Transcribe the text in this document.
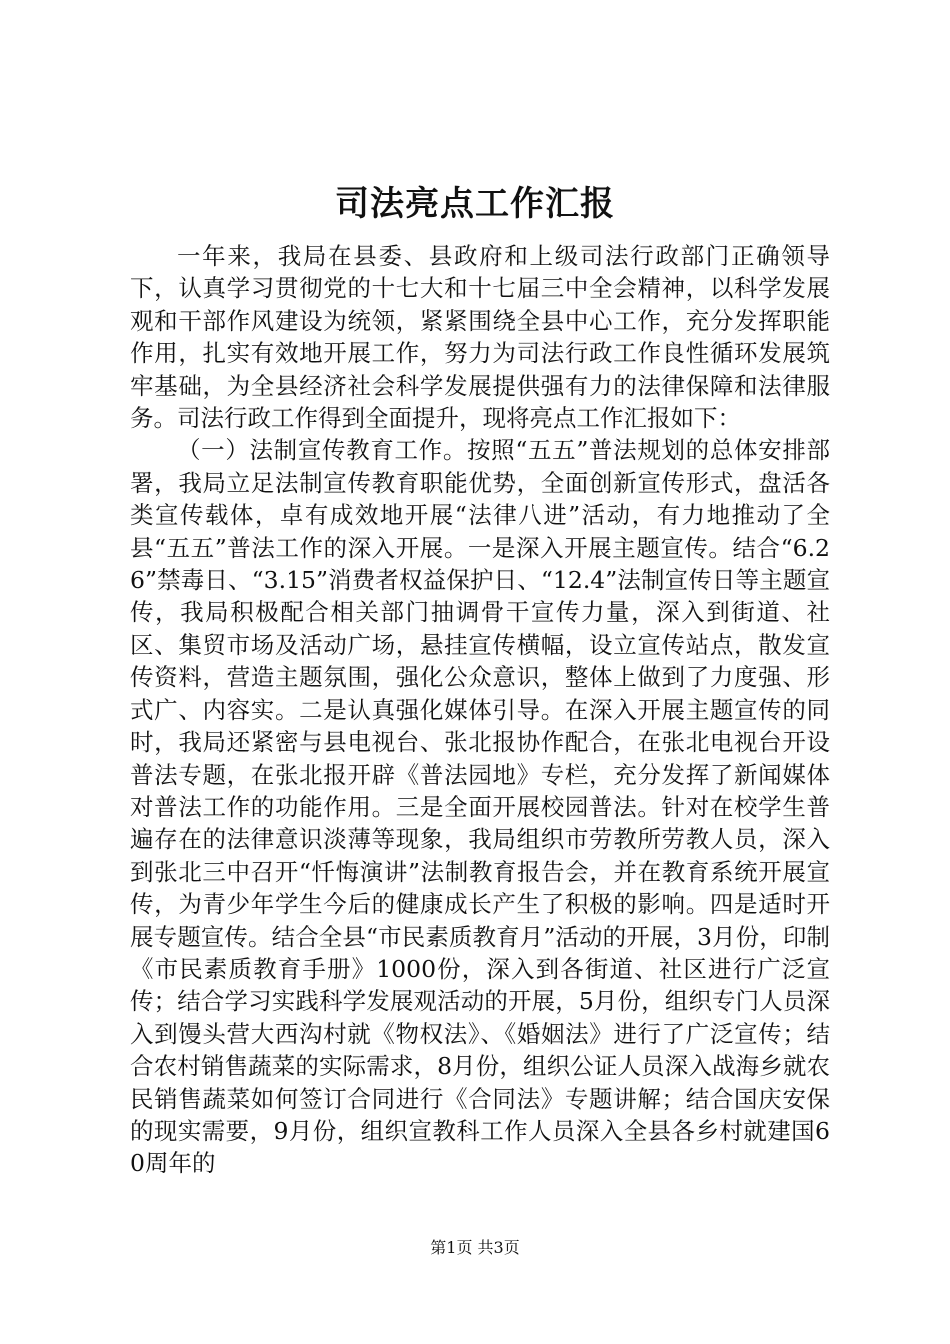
司法亮点工作汇报

一年来，我局在县委、县政府和上级司法行政部门正确领导下，认真学习贯彻党的十七大和十七届三中全会精神，以科学发展观和干部作风建设为统领，紧紧围绕全县中心工作，充分发挥职能作用，扎实有效地开展工作，努力为司法行政工作良性循环发展筑牢基础，为全县经济社会科学发展提供强有力的法律保障和法律服务。司法行政工作得到全面提升，现将亮点工作汇报如下：

（一）法制宣传教育工作。按照“五五”普法规划的总体安排部署，我局立足法制宣传教育职能优势，全面创新宣传形式，盘活各类宣传载体，卓有成效地开展“法律八进”活动，有力地推动了全县“五五”普法工作的深入开展。一是深入开展主题宣传。结合“6.26”禁毒日、“3.15”消费者权益保护日、“12.4”法制宣传日等主题宣传，我局积极配合相关部门抽调骨干宣传力量，深入到街道、社区、集贸市场及活动广场，悬挂宣传横幅，设立宣传站点，散发宣传资料，营造主题氛围，强化公众意识，整体上做到了力度强、形式广、内容实。二是认真强化媒体引导。在深入开展主题宣传的同时，我局还紧密与县电视台、张北报协作配合，在张北电视台开设普法专题，在张北报开辟《普法园地》专栏，充分发挥了新闻媒体对普法工作的功能作用。三是全面开展校园普法。针对在校学生普遍存在的法律意识淡薄等现象，我局组织市劳教所劳教人员，深入到张北三中召开“忏悔演讲”法制教育报告会，并在教育系统开展宣传，为青少年学生今后的健康成长产生了积极的影响。四是适时开展专题宣传。结合全县“市民素质教育月”活动的开展，3月份，印制《市民素质教育手册》1000份，深入到各街道、社区进行广泛宣传；结合学习实践科学发展观活动的开展，5月份，组织专门人员深入到馒头营大西沟村就《物权法》、《婚姻法》进行了广泛宣传；结合农村销售蔬菜的实际需求，8月份，组织公证人员深入战海乡就农民销售蔬菜如何签订合同进行《合同法》专题讲解；结合国庆安保的现实需要，9月份，组织宣教科工作人员深入全县各乡村就建国60周年的

第1页 共3页
